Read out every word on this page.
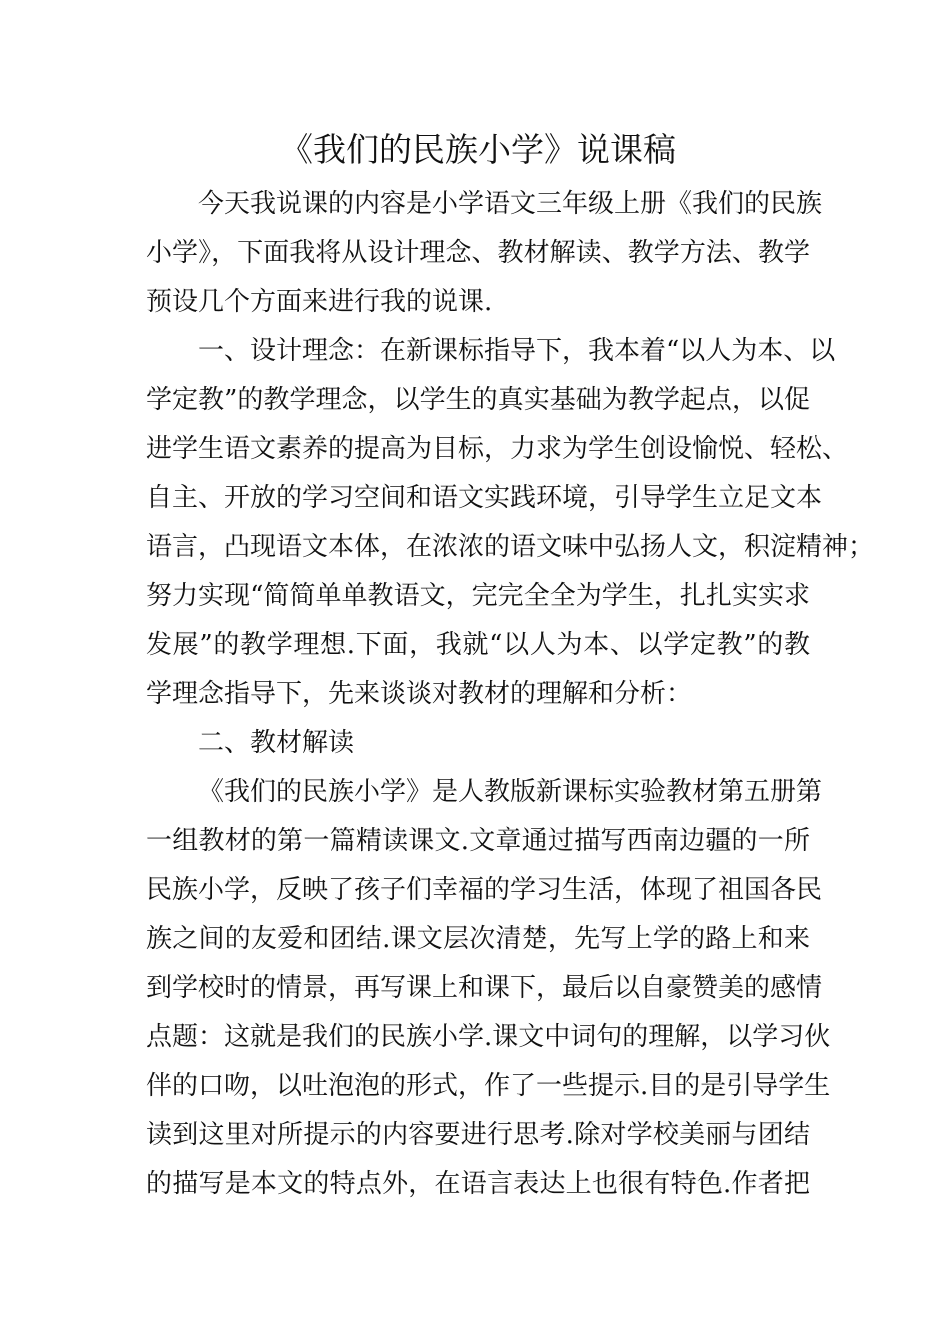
《我们的民族小学》说课稿
今天我说课的内容是小学语文三年级上册《我们的民族
小学》，下面我将从设计理念、教材解读、教学方法、教学
预设几个方面来进行我的说课.
一、设计理念：在新课标指导下，我本着“以人为本、以
学定教”的教学理念，以学生的真实基础为教学起点，以促
进学生语文素养的提高为目标，力求为学生创设愉悦、轻松、
自主、开放的学习空间和语文实践环境，引导学生立足文本
语言，凸现语文本体，在浓浓的语文味中弘扬人文，积淀精神；
努力实现“简简单单教语文，完完全全为学生，扎扎实实求
发展”的教学理想.下面，我就“以人为本、以学定教”的教
学理念指导下，先来谈谈对教材的理解和分析：
二、教材解读
《我们的民族小学》是人教版新课标实验教材第五册第
一组教材的第一篇精读课文.文章通过描写西南边疆的一所
民族小学，反映了孩子们幸福的学习生活，体现了祖国各民
族之间的友爱和团结.课文层次清楚，先写上学的路上和来
到学校时的情景，再写课上和课下，最后以自豪赞美的感情
点题：这就是我们的民族小学.课文中词句的理解，以学习伙
伴的口吻，以吐泡泡的形式，作了一些提示.目的是引导学生
读到这里对所提示的内容要进行思考.除对学校美丽与团结
的描写是本文的特点外，在语言表达上也很有特色.作者把
